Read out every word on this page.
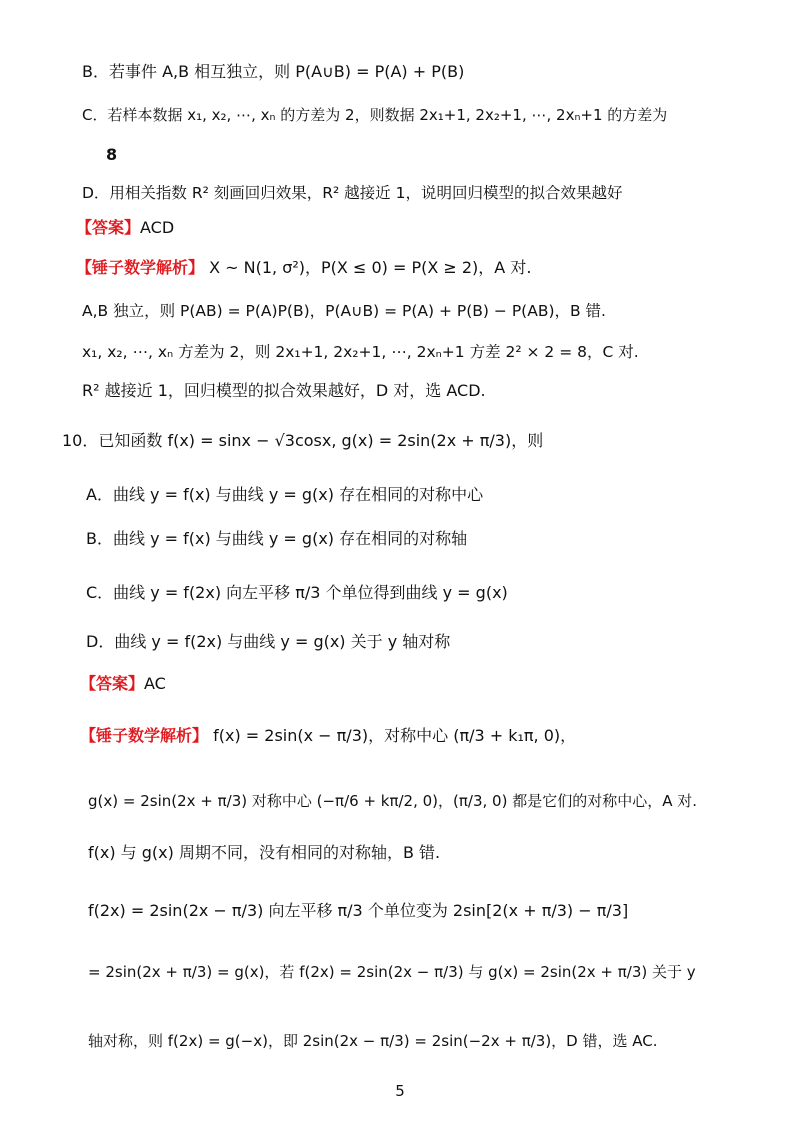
B．若事件 A,B 相互独立，则 P(A∪B) = P(A) + P(B)
C．若样本数据 x₁, x₂, ⋯, xₙ 的方差为 2，则数据 2x₁+1, 2x₂+1, ⋯, 2xₙ+1 的方差为
8
D．用相关指数 R² 刻画回归效果，R² 越接近 1，说明回归模型的拟合效果越好
【答案】ACD
【锤子数学解析】 X ~ N(1, σ²)，P(X ≤ 0) = P(X ≥ 2)，A 对.
A,B 独立，则 P(AB) = P(A)P(B)，P(A∪B) = P(A) + P(B) − P(AB)，B 错.
x₁, x₂, ⋯, xₙ 方差为 2，则 2x₁+1, 2x₂+1, ⋯, 2xₙ+1 方差 2² × 2 = 8，C 对.
R² 越接近 1，回归模型的拟合效果越好，D 对，选 ACD.
10．已知函数 f(x) = sinx − √3cosx, g(x) = 2sin(2x + π/3)，则
A．曲线 y = f(x) 与曲线 y = g(x) 存在相同的对称中心
B．曲线 y = f(x) 与曲线 y = g(x) 存在相同的对称轴
C．曲线 y = f(2x) 向左平移 π/3 个单位得到曲线 y = g(x)
D．曲线 y = f(2x) 与曲线 y = g(x) 关于 y 轴对称
【答案】AC
【锤子数学解析】 f(x) = 2sin(x − π/3)，对称中心 (π/3 + k₁π, 0)，
g(x) = 2sin(2x + π/3) 对称中心 (−π/6 + kπ/2, 0)，(π/3, 0) 都是它们的对称中心，A 对.
f(x) 与 g(x) 周期不同，没有相同的对称轴，B 错.
f(2x) = 2sin(2x − π/3) 向左平移 π/3 个单位变为 2sin[2(x + π/3) − π/3]
= 2sin(2x + π/3) = g(x)，若 f(2x) = 2sin(2x − π/3) 与 g(x) = 2sin(2x + π/3) 关于 y
轴对称，则 f(2x) = g(−x)，即 2sin(2x − π/3) = 2sin(−2x + π/3)，D 错，选 AC.
5
